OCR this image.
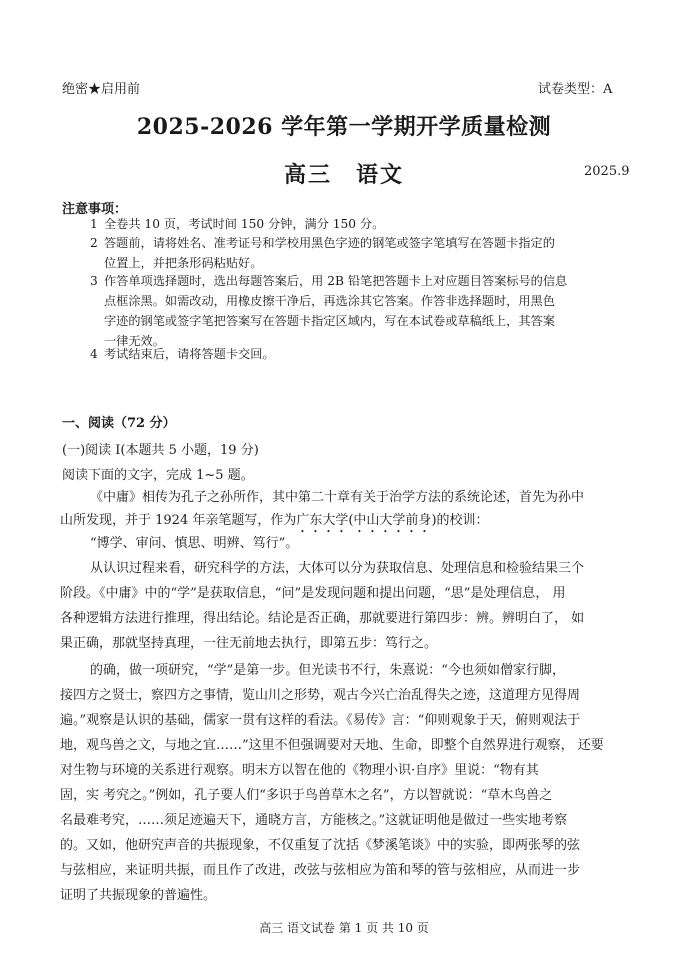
绝密★启用前	试卷类型：A
2025-2026 学年第一学期开学质量检测
高三　语文	2025.9
注意事项：
1 全卷共 10 页，考试时间 150 分钟，满分 150 分。
2 答题前，请将姓名、准考证号和学校用黑色字迹的钢笔或签字笔填写在答题卡指定的
位置上，并把条形码粘贴好。
3 作答单项选择题时，选出每题答案后，用 2B 铅笔把答题卡上对应题目答案标号的信息
点框涂黑。如需改动，用橡皮擦干净后，再选涂其它答案。作答非选择题时，用黑色
字迹的钢笔或签字笔把答案写在答题卡指定区域内，写在本试卷或草稿纸上，其答案
一律无效。
4 考试结束后，请将答题卡交回。
一、阅读（72 分）
(一)阅读 I(本题共 5 小题，19 分)
阅读下面的文字，完成 1~5 题。
《中庸》相传为孔子之孙所作，其中第二十章有关于治学方法的系统论述，首先为孙中
山所发现，并于 1924 年亲笔题写，作为广东大学(中山大学前身)的校训：
“博学、审问、慎思、明辨、笃行”。
从认识过程来看，研究科学的方法，大体可以分为获取信息、处理信息和检验结果三个
阶段。《中庸》中的“学”是获取信息，“问”是发现问题和提出问题，“思”是处理信息， 用
各种逻辑方法进行推理，得出结论。结论是否正确，那就要进行第四步：辨。辨明白了， 如
果正确，那就坚持真理，一往无前地去执行，即第五步：笃行之。
的确，做一项研究，“学”是第一步。但光读书不行，朱熹说：“今也须如僧家行脚，
接四方之贤士，察四方之事情，览山川之形势，观古今兴亡治乱得失之迹，这道理方见得周
遍。”观察是认识的基础，儒家一贯有这样的看法。《易传》言：“仰则观象于天，俯则观法于
地，观鸟兽之文，与地之宜……”这里不但强调要对天地、生命，即整个自然界进行观察， 还要
对生物与环境的关系进行观察。明末方以智在他的《物理小识·自序》里说：“物有其
固，实 考究之。”例如，孔子要人们“多识于鸟兽草木之名”，方以智就说：“草木鸟兽之
名最难考究，……须足迹遍天下，通晓方言，方能核之。”这就证明他是做过一些实地考察
的。又如，他研究声音的共振现象，不仅重复了沈括《梦溪笔谈》中的实验，即两张琴的弦
与弦相应，来证明共振，而且作了改进，改弦与弦相应为笛和琴的管与弦相应，从而进一步
证明了共振现象的普遍性。
高三 语文试卷 第 1 页 共 10 页
